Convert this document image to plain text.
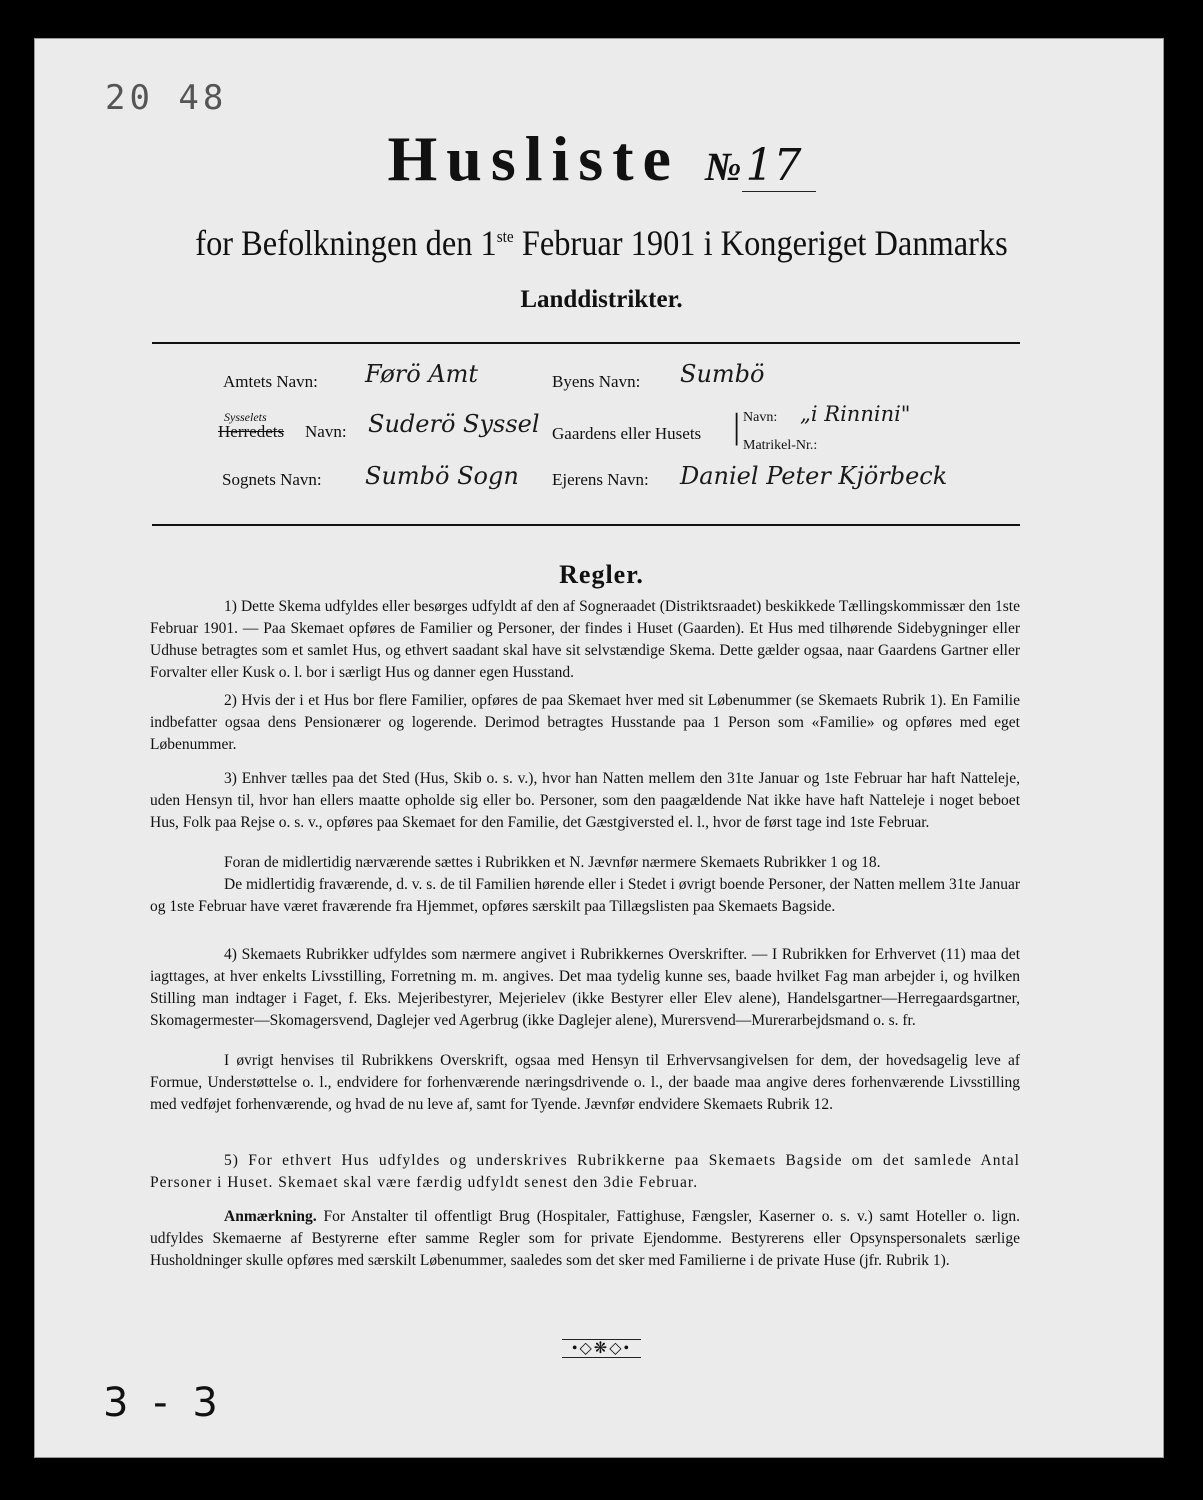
20 48
Husliste №17
for Befolkningen den 1ste Februar 1901 i Kongeriget Danmarks
Landdistrikter.
Amtets Navn: Førö Amt
Sysselets
Herredets Navn: Suderö Syssel
Sognets Navn: Sumbö Sogn
Byens Navn: Sumbö
Gaardens eller Husets | Navn: „i Rinnini"
Matrikel-Nr.:
Ejerens Navn: Daniel Peter Kjörbeck
Regler.
1) Dette Skema udfyldes eller besørges udfyldt af den af Sogneraadet (Distriktsraadet) beskikkede Tællingskommissær den 1ste Februar 1901. — Paa Skemaet opføres de Familier og Personer, der findes i Huset (Gaarden). Et Hus med tilhørende Sidebygninger eller Udhuse betragtes som et samlet Hus, og ethvert saadant skal have sit selvstændige Skema. Dette gælder ogsaa, naar Gaardens Gartner eller Forvalter eller Kusk o. l. bor i særligt Hus og danner egen Husstand.
2) Hvis der i et Hus bor flere Familier, opføres de paa Skemaet hver med sit Løbenummer (se Skemaets Rubrik 1). En Familie indbefatter ogsaa dens Pensionærer og logerende. Derimod betragtes Husstande paa 1 Person som «Familie» og opføres med eget Løbenummer.
3) Enhver tælles paa det Sted (Hus, Skib o. s. v.), hvor han Natten mellem den 31te Januar og 1ste Februar har haft Natteleje, uden Hensyn til, hvor han ellers maatte opholde sig eller bo. Personer, som den paagældende Nat ikke have haft Natteleje i noget beboet Hus, Folk paa Rejse o. s. v., opføres paa Skemaet for den Familie, det Gæstgiversted el. l., hvor de først tage ind 1ste Februar.
Foran de midlertidig nærværende sættes i Rubrikken et N. Jævnfør nærmere Skemaets Rubrikker 1 og 18.
De midlertidig fraværende, d. v. s. de til Familien hørende eller i Stedet i øvrigt boende Personer, der Natten mellem 31te Januar og 1ste Februar have været fraværende fra Hjemmet, opføres særskilt paa Tillægslisten paa Skemaets Bagside.
4) Skemaets Rubrikker udfyldes som nærmere angivet i Rubrikkernes Overskrifter. — I Rubrikken for Erhvervet (11) maa det iagttages, at hver enkelts Livsstilling, Forretning m. m. angives. Det maa tydelig kunne ses, baade hvilket Fag man arbejder i, og hvilken Stilling man indtager i Faget, f. Eks. Mejeribestyrer, Mejerielev (ikke Bestyrer eller Elev alene), Handelsgartner—Herregaardsgartner, Skomagermester—Skomagersvend, Daglejer ved Agerbrug (ikke Daglejer alene), Murersvend—Murerarbejdsmand o. s. fr.
I øvrigt henvises til Rubrikkens Overskrift, ogsaa med Hensyn til Erhvervsangivelsen for dem, der hovedsagelig leve af Formue, Understøttelse o. l., endvidere for forhenværende næringsdrivende o. l., der baade maa angive deres forhenværende Livsstilling med vedføjet forhenværende, og hvad de nu leve af, samt for Tyende. Jævnfør endvidere Skemaets Rubrik 12.
5) For ethvert Hus udfyldes og underskrives Rubrikkerne paa Skemaets Bagside om det samlede Antal Personer i Huset. Skemaet skal være færdig udfyldt senest den 3die Februar.
Anmærkning. For Anstalter til offentligt Brug (Hospitaler, Fattighuse, Fængsler, Kaserner o. s. v.) samt Hoteller o. lign. udfyldes Skemaerne af Bestyrerne efter samme Regler som for private Ejendomme. Bestyrerens eller Opsynspersonalets særlige Husholdninger skulle opføres med særskilt Løbenummer, saaledes som det sker med Familierne i de private Huse (jfr. Rubrik 1).
•◇❋◇•
3 - 3
